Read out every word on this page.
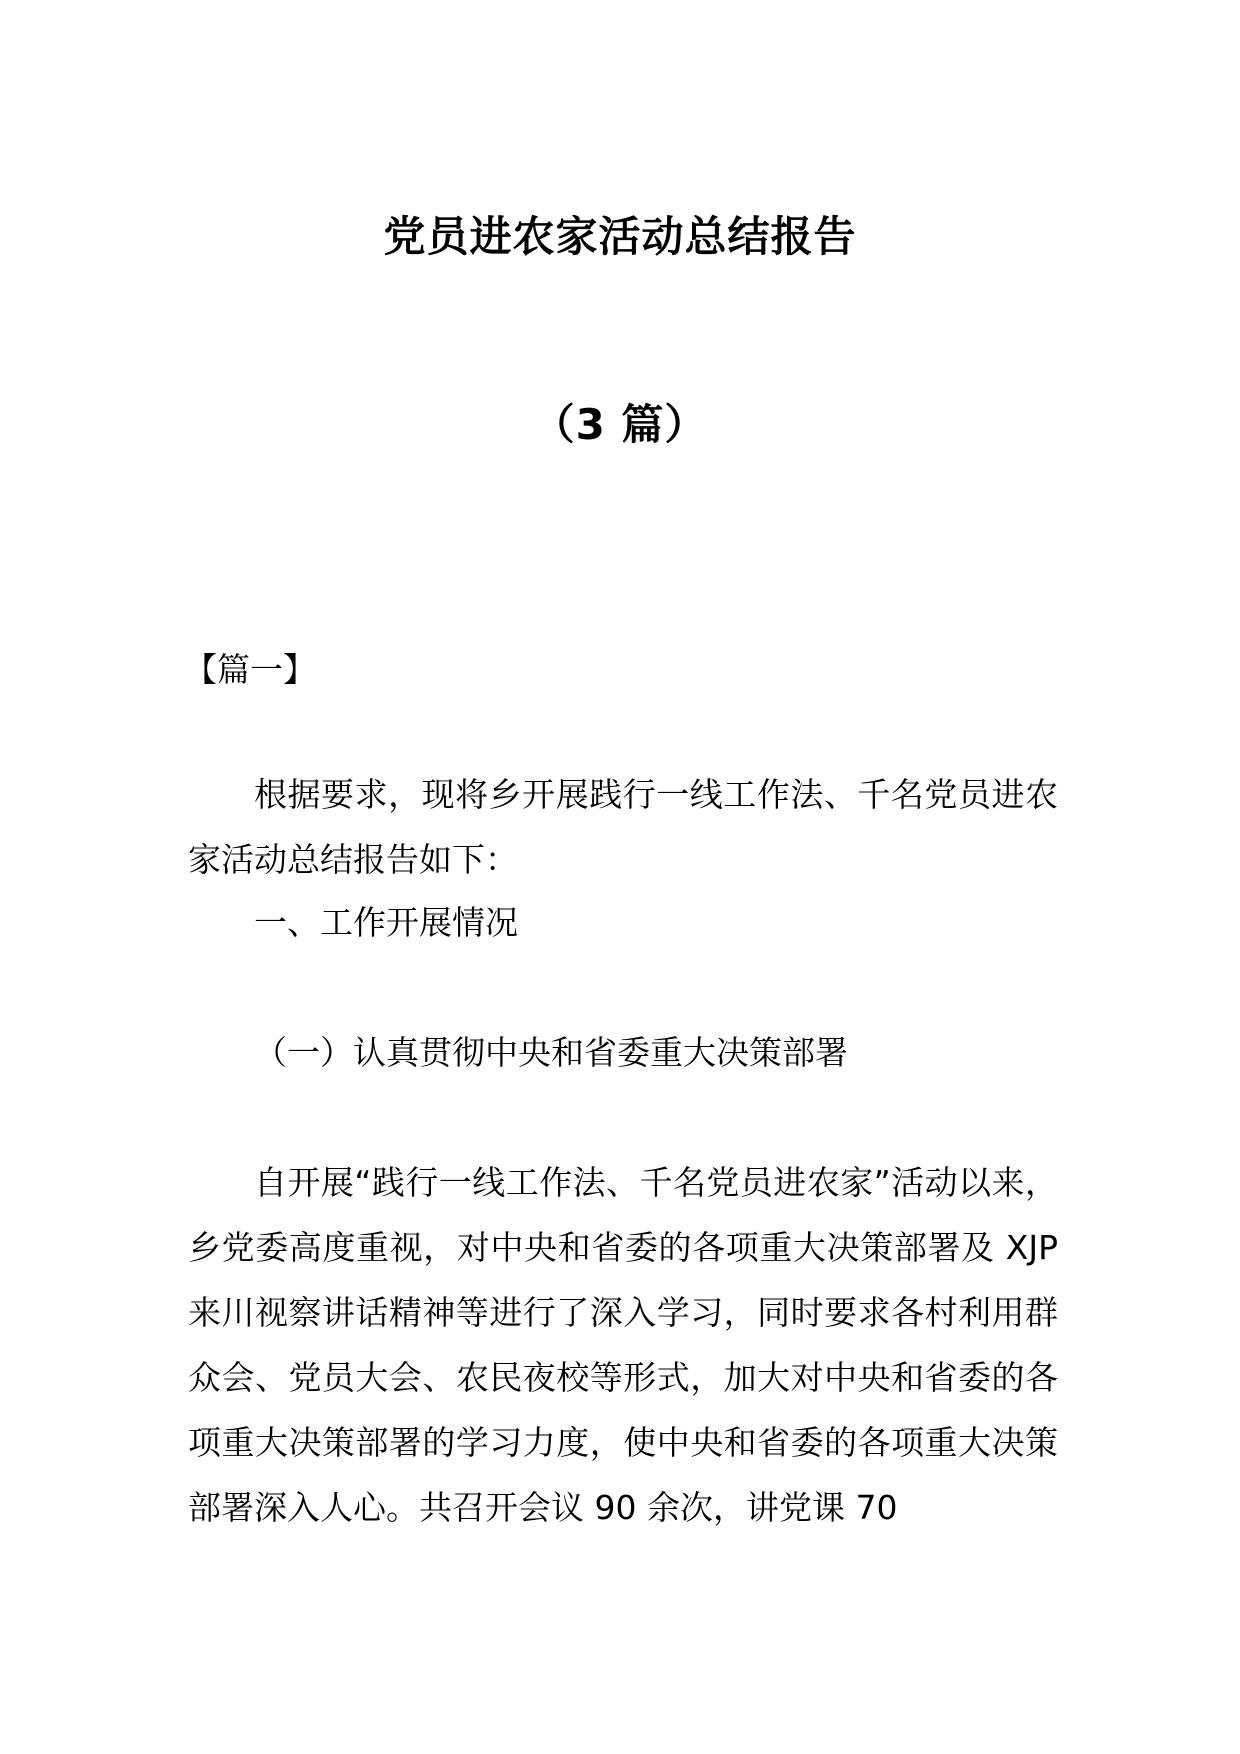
党员进农家活动总结报告
（3 篇）
【篇一】
根据要求，现将乡开展践行一线工作法、千名党员进农家活动总结报告如下：
一、工作开展情况
（一）认真贯彻中央和省委重大决策部署
自开展“践行一线工作法、千名党员进农家”活动以来，乡党委高度重视，对中央和省委的各项重大决策部署及 XJP 来川视察讲话精神等进行了深入学习，同时要求各村利用群众会、党员大会、农民夜校等形式，加大对中央和省委的各项重大决策部署的学习力度，使中央和省委的各项重大决策部署深入人心。共召开会议 90 余次，讲党课 70
